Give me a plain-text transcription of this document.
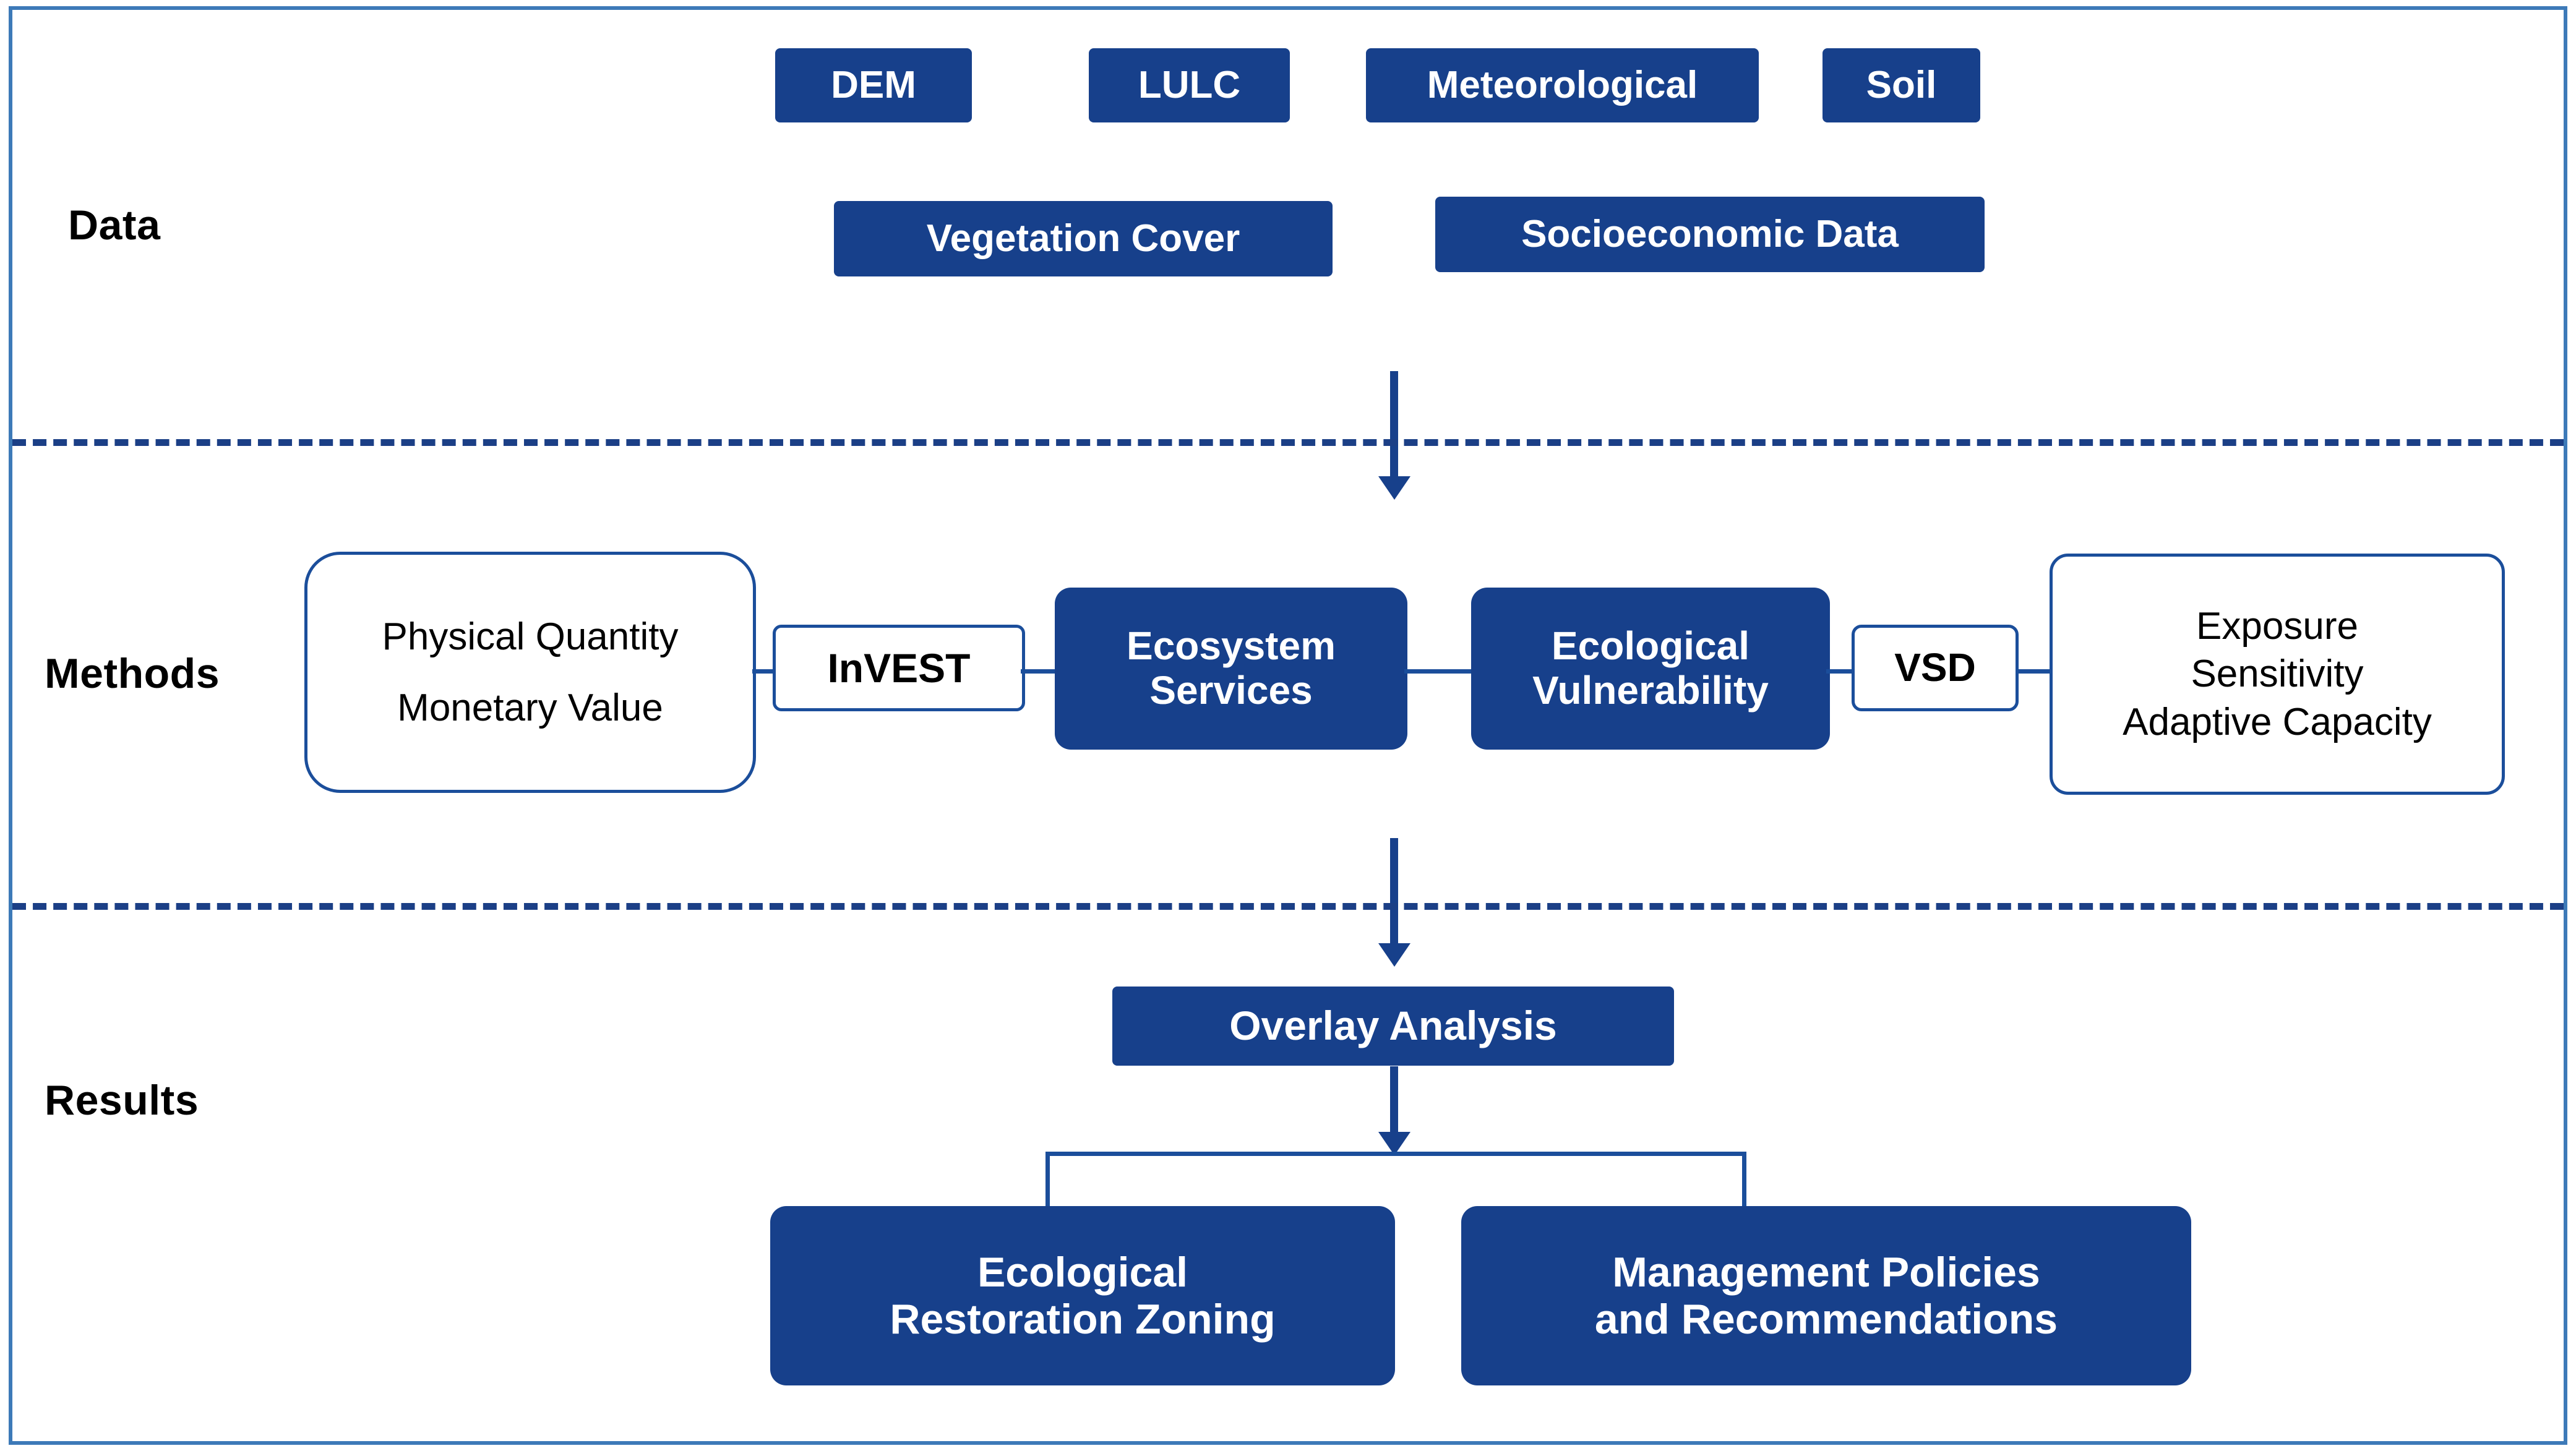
Data
DEM	LULC	Meteorological	Soil
Vegetation Cover	Socioeconomic Data
Methods
Physical Quantity
Monetary Value
InVEST	Ecosystem
Services
Ecological
Vulnerability
VSD
Exposure
Sensitivity
Adaptive Capacity
Results
Overlay Analysis
Ecological
Restoration Zoning
Management Policies
and Recommendations
